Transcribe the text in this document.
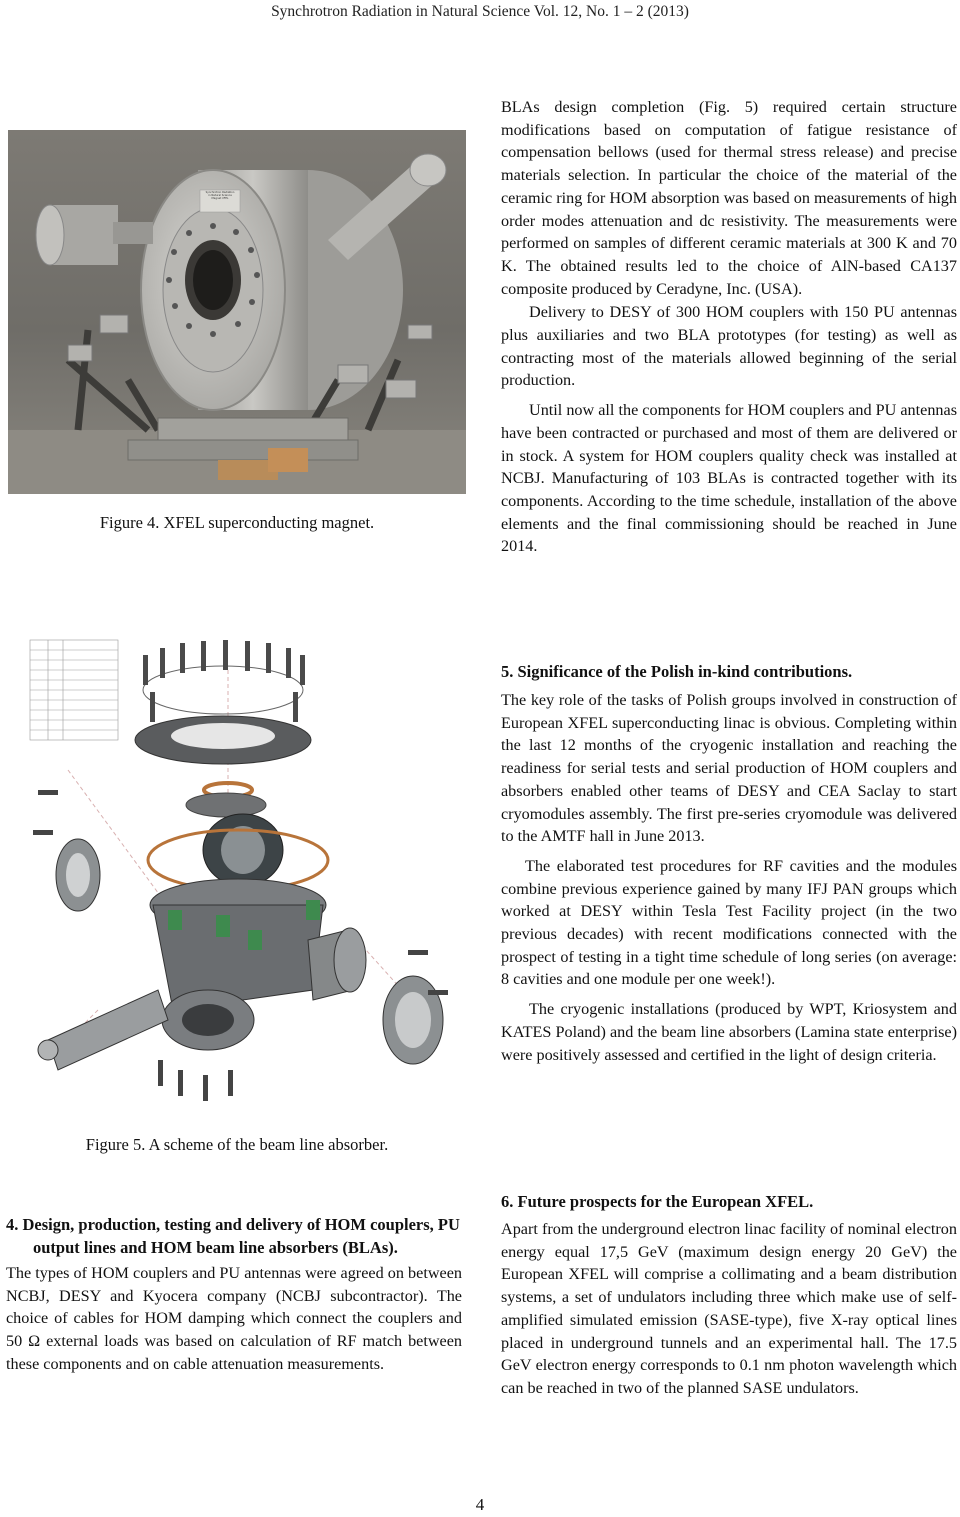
Synchrotron Radiation in Natural Science Vol. 12, No. 1 – 2 (2013)
Synchrotron Radiation
in Natural Science
Magnet XFEL
Figure 4. XFEL superconducting magnet.
Figure 5. A scheme of the beam line absorber.

BLAs design completion (Fig. 5) required certain structure modifications based on computation of fatigue resistance of compensation bellows (used for thermal stress release) and precise materials selection. In particular the choice of the material of the ceramic ring for HOM absorption was based on measurements of high order modes attenuation and dc resistivity. The measurements were performed on samples of different ceramic materials at 300 K and 70 K. The obtained results led to the choice of AlN-based CA137 composite produced by Ceradyne, Inc. (USA).

Delivery to DESY of 300 HOM couplers with 150 PU antennas plus auxiliaries and two BLA prototypes (for testing) as well as contracting most of the materials allowed beginning of the serial production.

Until now all the components for HOM couplers and PU antennas have been contracted or purchased and most of them are delivered or in stock. A system for HOM couplers quality check was installed at NCBJ. Manufacturing of 103 BLAs is contracted together with its components. According to the time schedule, installation of the above elements and the final commissioning should be reached in June 2014.

5. Significance of the Polish in-kind contributions.

The key role of the tasks of Polish groups involved in construction of European XFEL superconducting linac is obvious. Completing within the last 12 months of the cryogenic installation and reaching the readiness for serial tests and serial production of HOM couplers and absorbers enabled other teams of DESY and CEA Saclay to start cryomodules assembly. The first pre-series cryomodule was delivered to the AMTF hall in June 2013.

The elaborated test procedures for RF cavities and the modules combine previous experience gained by many IFJ PAN groups which worked at DESY within Tesla Test Facility project (in the two previous decades) with recent modifications connected with the prospect of testing in a tight time schedule of long series (on average: 8 cavities and one module per one week!).

The cryogenic installations (produced by WPT, Kriosystem and KATES Poland) and the beam line absorbers (Lamina state enterprise) were positively assessed and certified in the light of design criteria.

6. Future prospects for the European XFEL.

Apart from the underground electron linac facility of nominal electron energy equal 17,5 GeV (maximum design energy 20 GeV) the European XFEL will comprise a collimating and a beam distribution systems, a set of undulators including three which make use of self-amplified simulated emission (SASE-type), five X-ray optical lines placed in underground tunnels and an experimental hall. The 17.5 GeV electron energy corresponds to 0.1 nm photon wavelength which can be reached in two of the planned SASE undulators.

4. Design, production, testing and delivery of HOM couplers, PU output lines and HOM beam line absorbers (BLAs).

The types of HOM couplers and PU antennas were agreed on between NCBJ, DESY and Kyocera company (NCBJ subcontractor). The choice of cables for HOM damping which connect the couplers and 50 Ω external loads was based on calculation of RF match between these components and on cable attenuation measurements.

4
